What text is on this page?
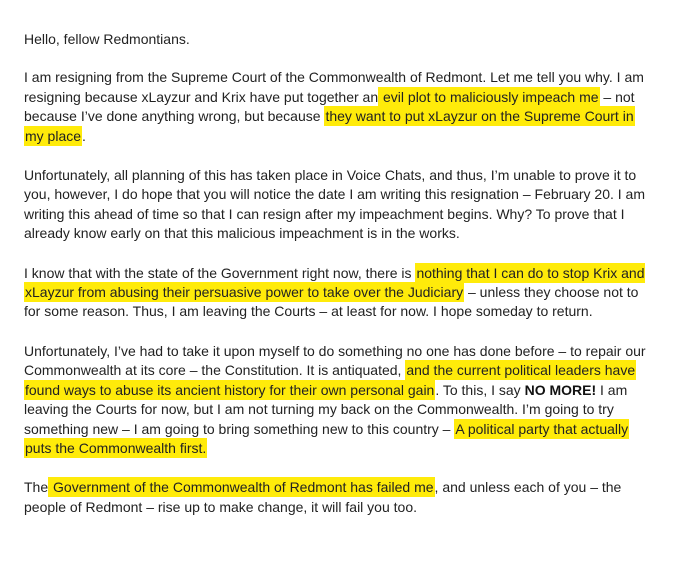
Hello, fellow Redmontians.

I am resigning from the Supreme Court of the Commonwealth of Redmont. Let me tell you why. I am resigning because xLayzur and Krix have put together an evil plot to maliciously impeach me – not because I’ve done anything wrong, but because they want to put xLayzur on the Supreme Court in my place.

Unfortunately, all planning of this has taken place in Voice Chats, and thus, I’m unable to prove it to you, however, I do hope that you will notice the date I am writing this resignation – February 20. I am writing this ahead of time so that I can resign after my impeachment begins. Why? To prove that I already know early on that this malicious impeachment is in the works.

I know that with the state of the Government right now, there is nothing that I can do to stop Krix and xLayzur from abusing their persuasive power to take over the Judiciary – unless they choose not to for some reason. Thus, I am leaving the Courts – at least for now. I hope someday to return.

Unfortunately, I’ve had to take it upon myself to do something no one has done before – to repair our Commonwealth at its core – the Constitution. It is antiquated, and the current political leaders have found ways to abuse its ancient history for their own personal gain. To this, I say NO MORE! I am leaving the Courts for now, but I am not turning my back on the Commonwealth. I’m going to try something new – I am going to bring something new to this country – A political party that actually puts the Commonwealth first.

The Government of the Commonwealth of Redmont has failed me, and unless each of you – the people of Redmont – rise up to make change, it will fail you too.
